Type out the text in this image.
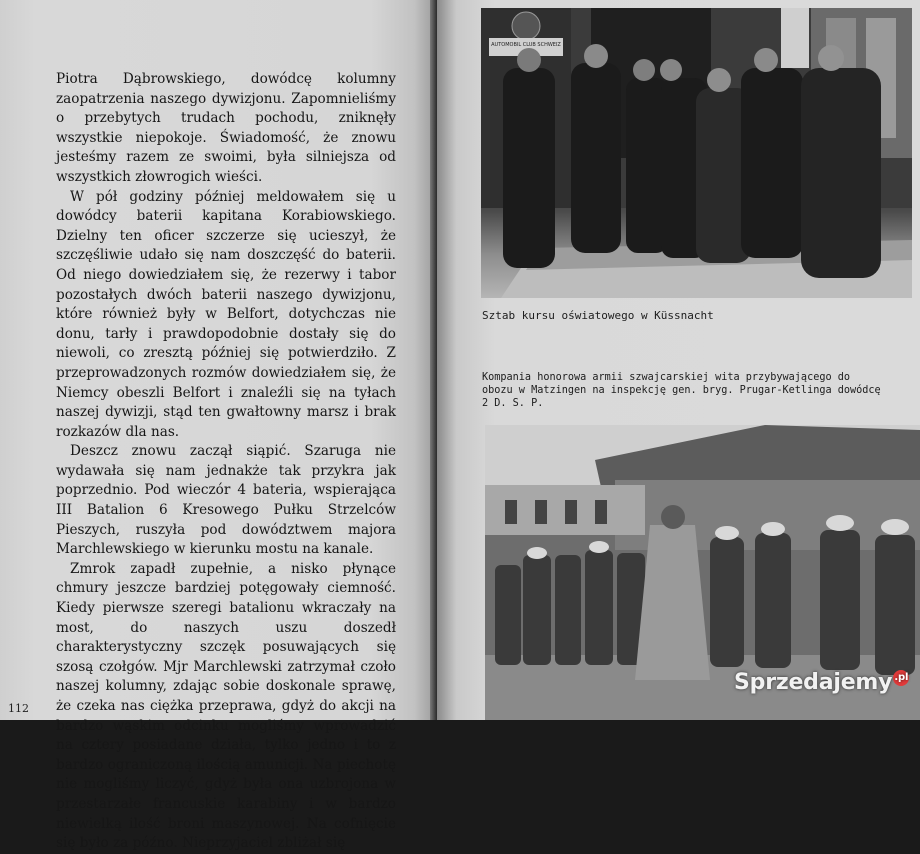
Piotra Dąbrowskiego, dowódcę kolumny zaopatrzenia naszego dywizjonu. Zapomnieliśmy o przebytych trudach pochodu, zniknęły wszystkie niepokoje. Świadomość, że znowu jesteśmy razem ze swoimi, była silniejsza od wszystkich złowrogich wieści.

W pół godziny później meldowałem się u dowódcy baterii kapitana Korabiowskiego. Dzielny ten oficer szczerze się ucieszył, że szczęśliwie udało się nam doszczęść do baterii. Od niego dowiedziałem się, że rezerwy i tabor pozostałych dwóch baterii naszego dywizjonu, które również były w Belfort, dotychczas nie donu, tarły i prawdopodobnie dostały się do niewoli, co zresztą później się potwierdziło. Z przeprowadzonych rozmów dowiedziałem się, że Niemcy obeszli Belfort i znaleźli się na tyłach naszej dywizji, stąd ten gwałtowny marsz i brak rozkazów dla nas.

Deszcz znowu zaczął siąpić. Szaruga nie wydawała się nam jednakże tak przykra jak poprzednio. Pod wieczór 4 bateria, wspierająca III Batalion 6 Kresowego Pułku Strzelców Pieszych, ruszyła pod dowództwem majora Marchlewskiego w kierunku mostu na kanale.

Zmrok zapadł zupełnie, a nisko płynące chmury jeszcze bardziej potęgowały ciemność. Kiedy pierwsze szeregi batalionu wkraczały na most, do naszych uszu doszedł charakterystyczny szczęk posuwających się szosą czołgów. Mjr Marchlewski zatrzymał czoło naszej kolumny, zdając sobie doskonale sprawę, że czeka nas ciężka przeprawa, gdyż do akcji na bardzo wąskim odcinku mogliśmy wprowadzić na cztery posiadane działa, tylko jedno i to z bardzo ograniczoną ilością amunicji. Na piechotę nie mogliśmy liczyć, gdyż była ona uzbrojona w przestarzałe francuskie karabiny i w bardzo niewielką ilość broni maszynowej. Na cofnięcie się było za późno. Nieprzyjaciel zbliżał się

112
AUTOMOBIL CLUB SCHWEIZ
Sztab kursu oświatowego w Küssnacht
Kompania honorowa armii szwajcarskiej wita przybywającego do obozu w Matzingen na inspekcję gen. bryg. Prugar-Ketlinga dowódcę 2 D. S. P.
Sprzedajemy .pl
